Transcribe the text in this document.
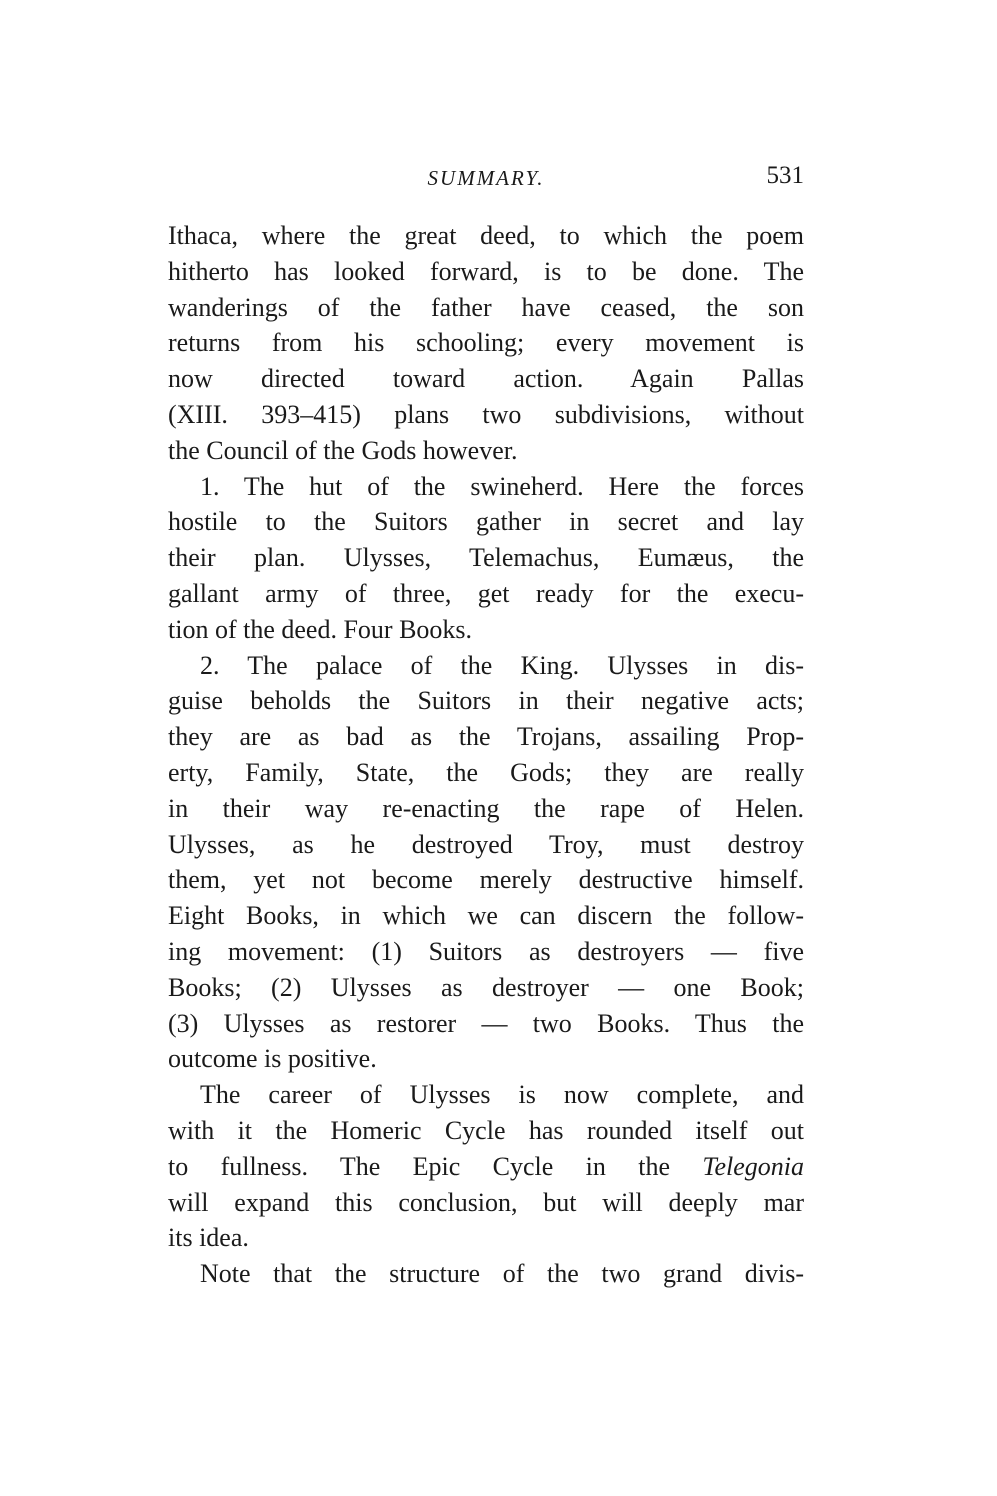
SUMMARY.	531

Ithaca, where the great deed, to which the poem
hitherto has looked forward, is to be done. The
wanderings of the father have ceased, the son
returns from his schooling; every movement is
now directed toward action. Again Pallas
(XIII. 393–415) plans two subdivisions, without
the Council of the Gods however.

1. The hut of the swineherd. Here the forces
hostile to the Suitors gather in secret and lay
their plan. Ulysses, Telemachus, Eumæus, the
gallant army of three, get ready for the execu-
tion of the deed. Four Books.

2. The palace of the King. Ulysses in dis-
guise beholds the Suitors in their negative acts;
they are as bad as the Trojans, assailing Prop-
erty, Family, State, the Gods; they are really
in their way re-enacting the rape of Helen.
Ulysses, as he destroyed Troy, must destroy
them, yet not become merely destructive himself.
Eight Books, in which we can discern the follow-
ing movement: (1) Suitors as destroyers — five
Books; (2) Ulysses as destroyer — one Book;
(3) Ulysses as restorer — two Books. Thus the
outcome is positive.

The career of Ulysses is now complete, and
with it the Homeric Cycle has rounded itself out
to fullness. The Epic Cycle in the Telegonia
will expand this conclusion, but will deeply mar
its idea.

Note that the structure of the two grand divis-
